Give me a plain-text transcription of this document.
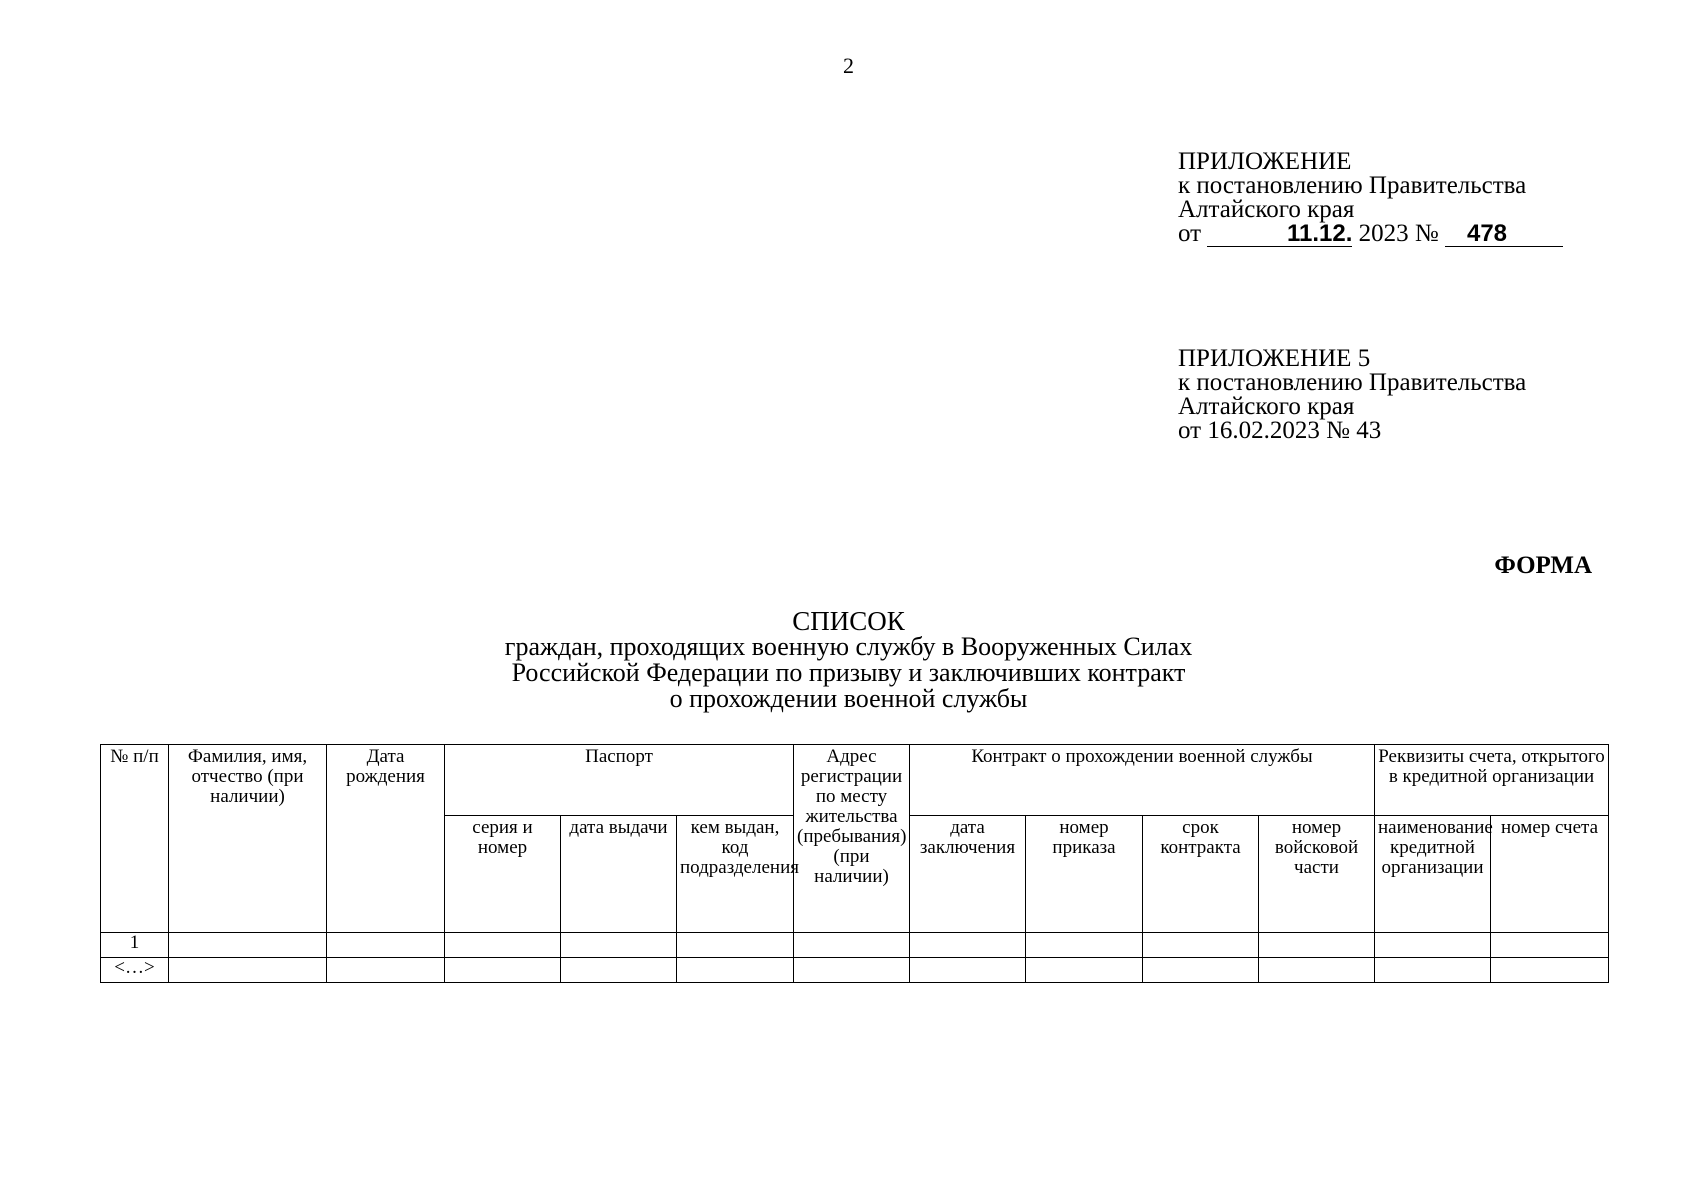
2
ПРИЛОЖЕНИЕ
к постановлению Правительства
Алтайского края
от	11.12. 2023 № 478
ПРИЛОЖЕНИЕ 5
к постановлению Правительства
Алтайского края
от 16.02.2023 № 43
ФОРМА
СПИСОК
граждан, проходящих военную службу в Вооруженных Силах
Российской Федерации по призыву и заключивших контракт
о прохождении военной службы
№ п/п	Фамилия, имя, отчество (при наличии)	Дата рождения	Паспорт			Адрес регистрации по месту жительства (пребывания) (при наличии)	Контракт о прохождении военной службы				Реквизиты счета, открытого в кредитной организации	
			серия и номер	дата выдачи	кем выдан, код подразделения		дата заключения	номер приказа	срок контракта	номер войсковой части	наименование кредитной организации	номер счета
1												
<…>												
